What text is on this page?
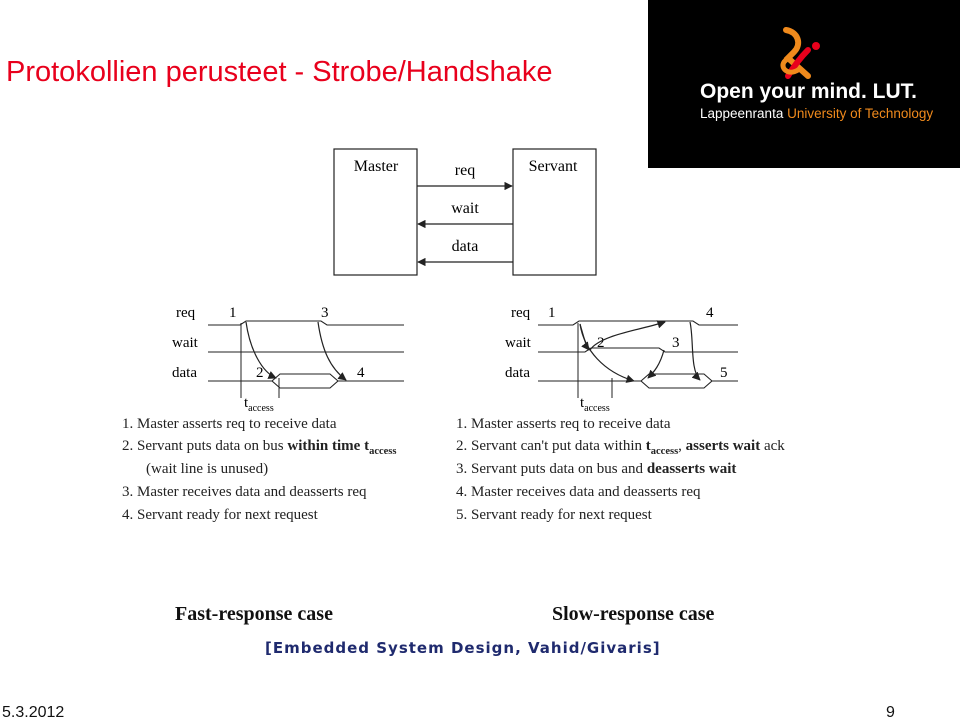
Protokollien perusteet - Strobe/Handshake
Open your mind. LUT.
Lappeenranta University of Technology
Master	Servant
req
wait
data
req
wait
data
1	3
2	4
$t_{access}$
req
wait
data
1	4
2	3
5
$t_{access}$
1. Master asserts req to receive data
2. Servant puts data on bus within time $t_{access}$
(wait line is unused)
3. Master receives data and deasserts req
4. Servant ready for next request
1. Master asserts req to receive data
2. Servant can't put data within $t_{access}$, asserts wait ack
3. Servant puts data on bus and deasserts wait
4. Master receives data and deasserts req
5. Servant ready for next request
Fast-response case	Slow-response case
[Embedded System Design, Vahid/Givaris]
5.3.2012	9
